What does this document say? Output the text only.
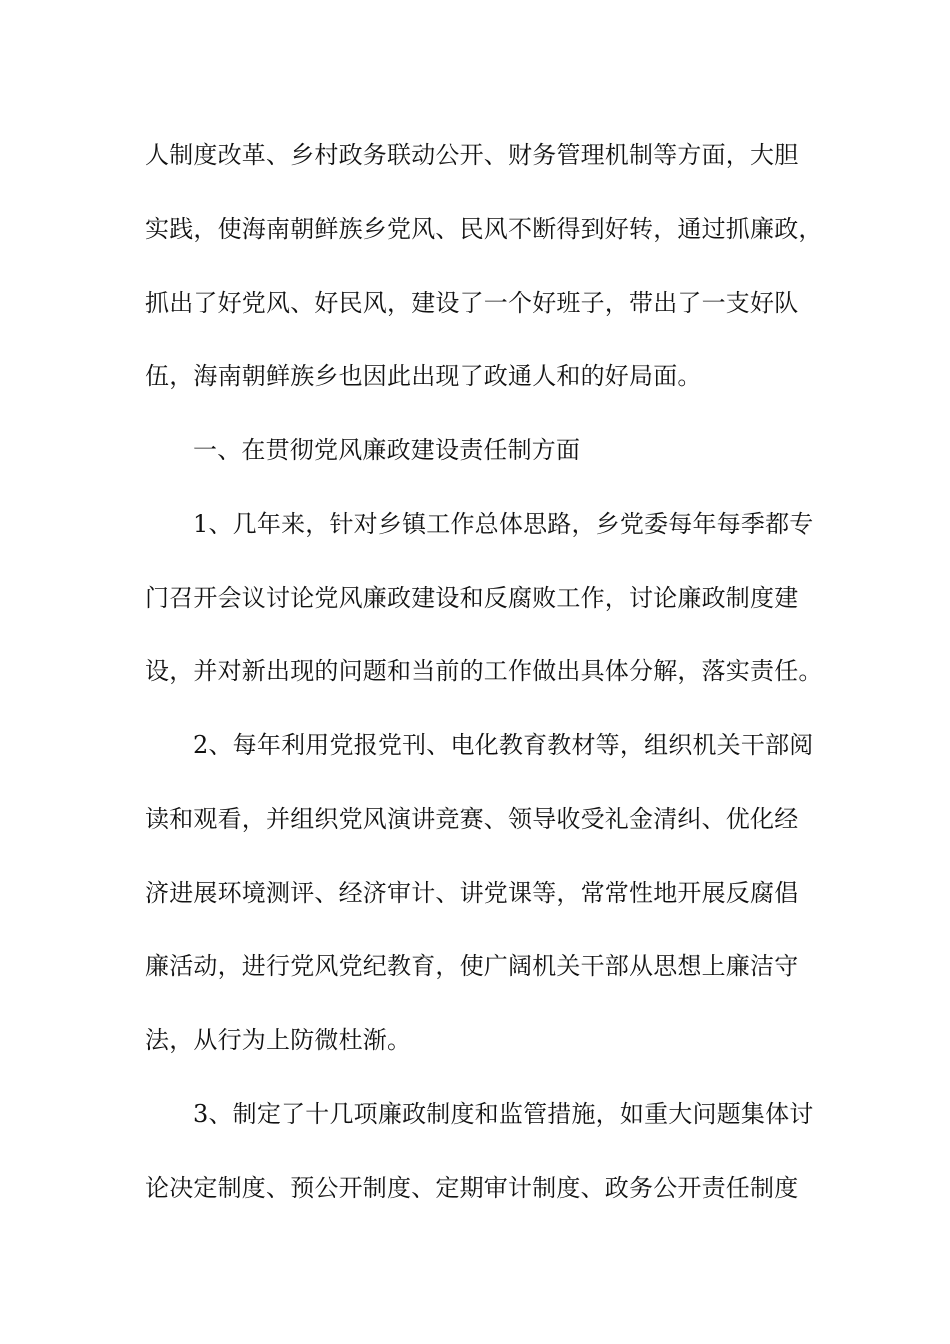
人制度改革、乡村政务联动公开、财务管理机制等方面，大胆

实践，使海南朝鲜族乡党风、民风不断得到好转，通过抓廉政，

抓出了好党风、好民风，建设了一个好班子，带出了一支好队

伍，海南朝鲜族乡也因此出现了政通人和的好局面。

一、在贯彻党风廉政建设责任制方面

1、几年来，针对乡镇工作总体思路，乡党委每年每季都专

门召开会议讨论党风廉政建设和反腐败工作，讨论廉政制度建

设，并对新出现的问题和当前的工作做出具体分解，落实责任。

2、每年利用党报党刊、电化教育教材等，组织机关干部阅

读和观看，并组织党风演讲竞赛、领导收受礼金清纠、优化经

济进展环境测评、经济审计、讲党课等，常常性地开展反腐倡

廉活动，进行党风党纪教育，使广阔机关干部从思想上廉洁守

法，从行为上防微杜渐。

3、制定了十几项廉政制度和监管措施，如重大问题集体讨

论决定制度、预公开制度、定期审计制度、政务公开责任制度
